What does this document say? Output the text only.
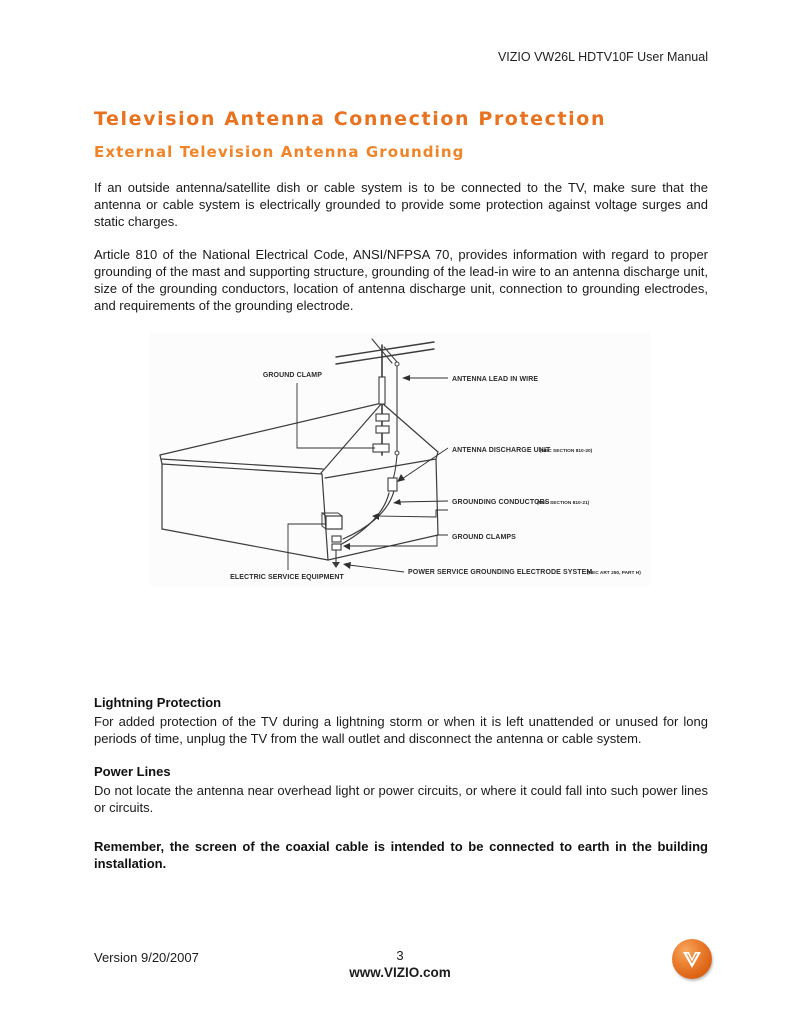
VIZIO VW26L HDTV10F User Manual
Television Antenna Connection Protection
External Television Antenna Grounding
If an outside antenna/satellite dish or cable system is to be connected to the TV, make sure that the antenna or cable system is electrically grounded to provide some protection against voltage surges and static charges.
Article 810 of the National Electrical Code, ANSI/NFPSA 70, provides information with regard to proper grounding of the mast and supporting structure, grounding of the lead-in wire to an antenna discharge unit, size of the grounding conductors, location of antenna discharge unit, connection to grounding electrodes, and requirements of the grounding electrode.
GROUND CLAMP
ANTENNA LEAD IN WIRE
ANTENNA DISCHARGE UNIT
(NEC SECTION 810-20)
GROUNDING CONDUCTORS
(NEC SECTION 810-21)
GROUND CLAMPS
POWER SERVICE GROUNDING ELECTRODE SYSTEM
(NEC ART 250, PART H)
ELECTRIC SERVICE EQUIPMENT
Lightning Protection
For added protection of the TV during a lightning storm or when it is left unattended or unused for long periods of time, unplug the TV from the wall outlet and disconnect the antenna or cable system.
Power Lines
Do not locate the antenna near overhead light or power circuits, or where it could fall into such power lines or circuits.
Remember, the screen of the coaxial cable is intended to be connected to earth in the building installation.
Version 9/20/2007	3
www.VIZIO.com
